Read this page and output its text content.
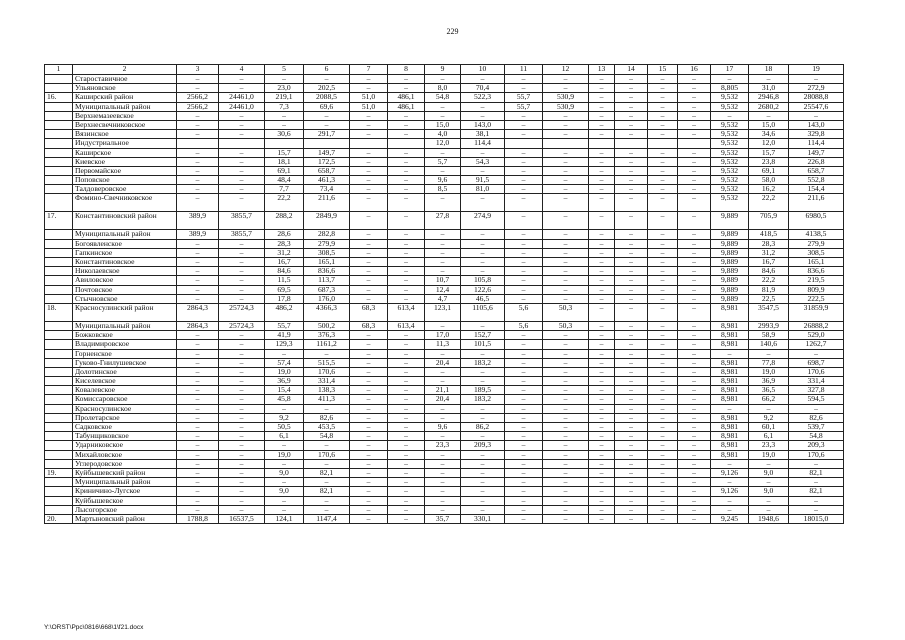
229
1	2	3	4	5	6	7	8	9	10	11	12	13	14	15	16	17	18	19
	Староставичное	–	–	–	–	–	–	–	–	–	–	–	–	–	–	–	–	–
	Ульяновское	–	–	23,0	202,5	–	–	8,0	70,4	–	–	–	–	–	–	8,805	31,0	272,9
16.	Каширский район	2566,2	24461,0	219,1	2088,5	51,0	486,1	54,8	522,3	55,7	530,9	–	–	–	–	9,532	2946,8	28088,8
	Муниципальный район	2566,2	24461,0	7,3	69,6	51,0	486,1	–	–	55,7	530,9	–	–	–	–	9,532	2680,2	25547,6
	Верхнемазеевское	–	–	–	–	–	–	–	–	–	–	–	–	–	–	–	–	–
	Верхнесвечниковское	–	–	–	–	–	–	15,0	143,0	–	–	–	–	–	–	9,532	15,0	143,0
	Вязинское	–	–	30,6	291,7	–	–	4,0	38,1	–	–	–	–	–	–	9,532	34,6	329,8
	Индустриальное							12,0	114,4							9,532	12,0	114,4
	Каширское	–	–	15,7	149,7	–	–	–	–	–	–	–	–	–	–	9,532	15,7	149,7
	Киевское	–	–	18,1	172,5	–	–	5,7	54,3	–	–	–	–	–	–	9,532	23,8	226,8
	Первомайское	–	–	69,1	658,7	–	–	–	–	–	–	–	–	–	–	9,532	69,1	658,7
	Поповское	–	–	48,4	461,3	–	–	9,6	91,5	–	–	–	–	–	–	9,532	58,0	552,8
	Талдоверовское	–	–	7,7	73,4	–	–	8,5	81,0	–	–	–	–	–	–	9,532	16,2	154,4
	Фомино-Свечниковское	–	–	22,2	211,6	–	–	–	–	–	–	–	–	–	–	9,532	22,2	211,6
17.	Константиновский район	389,9	3855,7	288,2	2849,9	–	–	27,8	274,9	–	–	–	–	–	–	9,889	705,9	6980,5
	Муниципальный район	389,9	3855,7	28,6	282,8	–	–	–	–	–	–	–	–	–	–	9,889	418,5	4138,5
	Богоявленское	–	–	28,3	279,9	–	–	–	–	–	–	–	–	–	–	9,889	28,3	279,9
	Гапкинское	–	–	31,2	308,5	–	–	–	–	–	–	–	–	–	–	9,889	31,2	308,5
	Константиновское	–	–	16,7	165,1	–	–	–	–	–	–	–	–	–	–	9,889	16,7	165,1
	Николаевское	–	–	84,6	836,6	–	–	–	–	–	–	–	–	–	–	9,889	84,6	836,6
	Авиловское	–	–	11,5	113,7	–	–	10,7	105,8	–	–	–	–	–	–	9,889	22,2	219,5
	Почтовское	–	–	69,5	687,3	–	–	12,4	122,6	–	–	–	–	–	–	9,889	81,9	809,9
	Стычновское	–	–	17,8	176,0	–	–	4,7	46,5	–	–	–	–	–	–	9,889	22,5	222,5
18.	Красносулинский район	2864,3	25724,3	486,2	4366,3	68,3	613,4	123,1	1105,6	5,6	50,3	–	–	–	–	8,981	3547,5	31859,9
	Муниципальный район	2864,3	25724,3	55,7	500,2	68,3	613,4	–	–	5,6	50,3	–	–	–	–	8,981	2993,9	26888,2
	Божковское	–	–	41,9	376,3	–	–	17,0	152,7	–	–	–	–	–	–	8,981	58,9	529,0
	Владимировское	–	–	129,3	1161,2	–	–	11,3	101,5	–	–	–	–	–	–	8,981	140,6	1262,7
	Горненское	–	–	–	–	–	–	–	–	–	–	–	–	–	–	–	–	–
	Гуково-Гнилушевское	–	–	57,4	515,5	–	–	20,4	183,2	–	–	–	–	–	–	8,981	77,8	698,7
	Долотинское	–	–	19,0	170,6	–	–	–	–	–	–	–	–	–	–	8,981	19,0	170,6
	Киселевское	–	–	36,9	331,4	–	–	–	–	–	–	–	–	–	–	8,981	36,9	331,4
	Ковалевское	–	–	15,4	138,3	–	–	21,1	189,5	–	–	–	–	–	–	8,981	36,5	327,8
	Комиссаровское	–	–	45,8	411,3	–	–	20,4	183,2	–	–	–	–	–	–	8,981	66,2	594,5
	Красносулинское	–	–	–	–	–	–	–	–	–	–	–	–	–	–	–	–	–
	Пролетарское	–	–	9,2	82,6	–	–	–	–	–	–	–	–	–	–	8,981	9,2	82,6
	Садковское	–	–	50,5	453,5	–	–	9,6	86,2	–	–	–	–	–	–	8,981	60,1	539,7
	Табунщиковское	–	–	6,1	54,8	–	–	–	–	–	–	–	–	–	–	8,981	6,1	54,8
	Ударниковское	–	–	–	–	–	–	23,3	209,3	–	–	–	–	–	–	8,981	23,3	209,3
	Михайловское	–	–	19,0	170,6	–	–	–	–	–	–	–	–	–	–	8,981	19,0	170,6
	Углеродовское	–	–	–	–	–	–	–	–	–	–	–	–	–	–	–	–	–
19.	Куйбышевский район	–	–	9,0	82,1	–	–	–	–	–	–	–	–	–	–	9,126	9,0	82,1
	Муниципальный район	–	–	–	–	–	–	–	–	–	–	–	–	–	–	–	–	–
	Криничино-Лугское	–	–	9,0	82,1	–	–	–	–	–	–	–	–	–	–	9,126	9,0	82,1
	Куйбышевское	–	–	–	–	–	–	–	–	–	–	–	–	–	–	–	–	–
	Лысогорское	–	–	–	–	–	–	–	–	–	–	–	–	–	–	–	–	–
20.	Мартыновский район	1788,8	16537,5	124,1	1147,4	–	–	35,7	330,1	–	–	–	–	–	–	9,245	1948,6	18015,0
Y:\ORST\Ppc\0816\668\1\f21.docx
